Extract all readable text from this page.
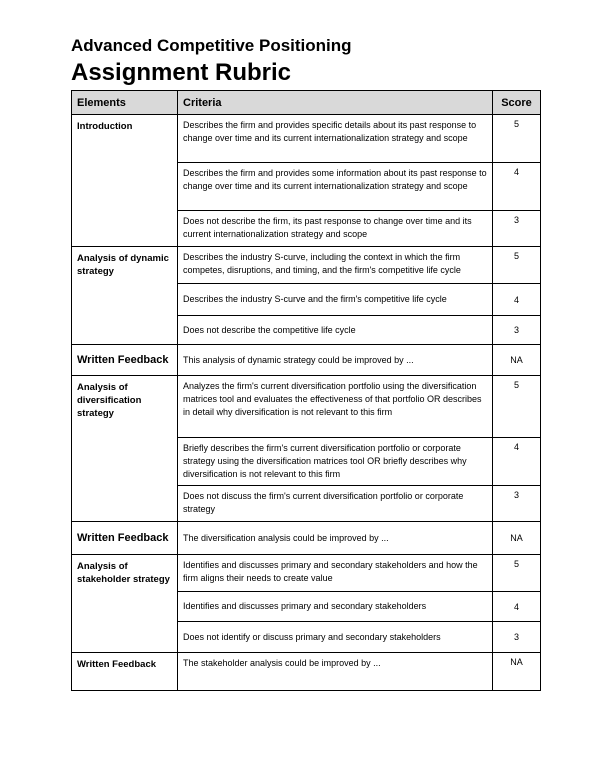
Advanced Competitive Positioning
Assignment Rubric
Elements	Criteria	Score
Introduction	Describes the firm and provides specific details about its past response to change over time and its current internationalization strategy and scope	5
	Describes the firm and provides some information about its past response to change over time and its current internationalization strategy and scope	4
	Does not describe the firm, its past response to change over time and its current internationalization strategy and scope	3
Analysis of dynamic strategy	Describes the industry S-curve, including the context in which the firm competes, disruptions, and timing, and the firm's competitive life cycle	5
	Describes the industry S-curve and the firm's competitive life cycle	4
	Does not describe the competitive life cycle	3
Written Feedback	This analysis of dynamic strategy could be improved by ...	NA
Analysis of diversification strategy	Analyzes the firm's current diversification portfolio using the diversification matrices tool and evaluates the effectiveness of that portfolio OR describes in detail why diversification is not relevant to this firm	5
	Briefly describes the firm's current diversification portfolio or corporate strategy using the diversification matrices tool OR briefly describes why diversification is not relevant to this firm	4
	Does not discuss the firm's current diversification portfolio or corporate strategy	3
Written Feedback	The diversification analysis could be improved by ...	NA
Analysis of stakeholder strategy	Identifies and discusses primary and secondary stakeholders and how the firm aligns their needs to create value	5
	Identifies and discusses primary and secondary stakeholders	4
	Does not identify or discuss primary and secondary stakeholders	3
Written Feedback	The stakeholder analysis could be improved by ...	NA
